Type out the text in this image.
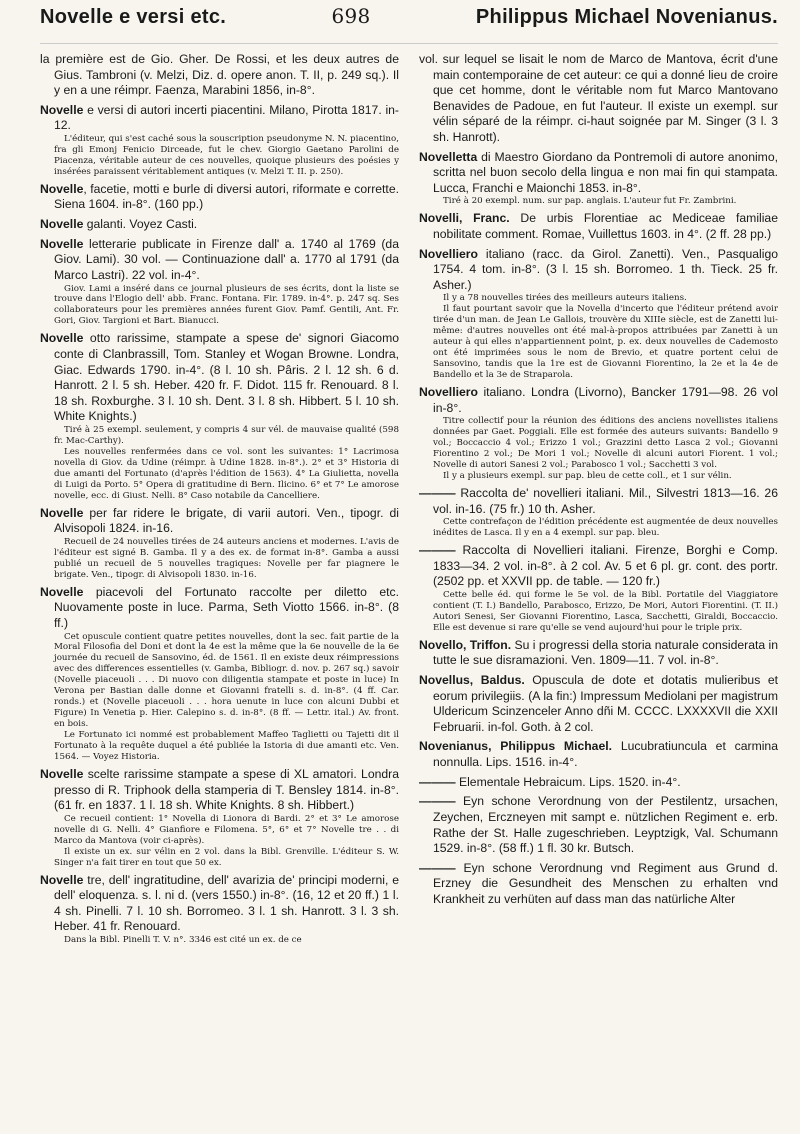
Novelle e versi etc.	698	Philippus Michael Novenianus.

la première est de Gio. Gher. De Rossi, et les deux autres de Gius. Tambroni (v. Melzi, Diz. d. opere anon. T. II, p. 249 sq.). Il y en a une réimpr. Faenza, Marabini 1856, in-8°.

Novelle e versi di autori incerti piacentini. Milano, Pirotta 1817. in-12.

L'éditeur, qui s'est caché sous la souscription pseudonyme N. N. piacentino, fra gli Emonj Fenicio Dirceade, fut le chev. Giorgio Gaetano Parolini de Piacenza, véritable auteur de ces nouvelles, quoique plusieurs des poésies y insérées paraissent véritablement antiques (v. Melzi T. II. p. 250).

Novelle, facetie, motti e burle di diversi autori, riformate e corrette. Siena 1604. in-8°. (160 pp.)

Novelle galanti. Voyez Casti.

Novelle letterarie publicate in Firenze dall' a. 1740 al 1769 (da Giov. Lami). 30 vol. — Continuazione dall' a. 1770 al 1791 (da Marco Lastri). 22 vol. in-4°.

Giov. Lami a inséré dans ce journal plusieurs de ses écrits, dont la liste se trouve dans l'Elogio dell' abb. Franc. Fontana. Fir. 1789. in-4°. p. 247 sq. Ses collaborateurs pour les premières années furent Giov. Pamf. Gentili, Ant. Fr. Gori, Giov. Targioni et Bart. Bianucci.

Novelle otto rarissime, stampate a spese de' signori Giacomo conte di Clanbrassill, Tom. Stanley et Wogan Browne. Londra, Giac. Edwards 1790. in-4°. (8 l. 10 sh. Pâris. 2 l. 12 sh. 6 d. Hanrott. 2 l. 5 sh. Heber. 420 fr. F. Didot. 115 fr. Renouard. 8 l. 18 sh. Roxburghe. 3 l. 10 sh. Dent. 3 l. 8 sh. Hibbert. 5 l. 10 sh. White Knights.)

Tiré à 25 exempl. seulement, y compris 4 sur vél. de mauvaise qualité (598 fr. Mac-Carthy).

Les nouvelles renfermées dans ce vol. sont les suivantes: 1° Lacrimosa novella di Giov. da Udine (réimpr. à Udine 1828. in-8°.). 2° et 3° Historia di due amanti del Fortunato (d'après l'édition de 1563). 4° La Giulietta, novella di Luigi da Porto. 5° Opera di gratitudine di Bern. Ilicino. 6° et 7° Le amorose novelle, ecc. di Giust. Nelli. 8° Caso notabile da Cancelliere.

Novelle per far ridere le brigate, di varii autori. Ven., tipogr. di Alvisopoli 1824. in-16.

Recueil de 24 nouvelles tirées de 24 auteurs anciens et modernes. L'avis de l'éditeur est signé B. Gamba. Il y a des ex. de format in-8°. Gamba a aussi publié un recueil de 5 nouvelles tragiques: Novelle per far piagnere le brigate. Ven., tipogr. di Alvisopoli 1830. in-16.

Novelle piacevoli del Fortunato raccolte per diletto etc. Nuovamente poste in luce. Parma, Seth Viotto 1566. in-8°. (8 ff.)

Cet opuscule contient quatre petites nouvelles, dont la sec. fait partie de la Moral Filosofia del Doni et dont la 4e est la même que la 6e nouvelle de la 6e journée du recueil de Sansovino, éd. de 1561. Il en existe deux réimpressions avec des differences essentielles (v. Gamba, Bibliogr. d. nov. p. 267 sq.) savoir (Novelle piaceuoli . . . Di nuovo con diligentia stampate et poste in luce) In Verona per Bastian dalle donne et Giovanni fratelli s. d. in-8°. (4 ff. Car. ronds.) et (Novelle piaceuoli . . . hora uenute in luce con alcuni Dubbi et Figure) In Venetia p. Hier. Calepino s. d. in-8°. (8 ff. — Lettr. ital.) Av. front. en bois.

Le Fortunato ici nommé est probablement Maffeo Taglietti ou Tajetti dit il Fortunato à la requête duquel a été publiée la Istoria di due amanti etc. Ven. 1564. — Voyez Historia.

Novelle scelte rarissime stampate a spese di XL amatori. Londra presso di R. Triphook della stamperia di T. Bensley 1814. in-8°. (61 fr. en 1837. 1 l. 18 sh. White Knights. 8 sh. Hibbert.)

Ce recueil contient: 1° Novella di Lionora di Bardi. 2° et 3° Le amorose novelle di G. Nelli. 4° Gianfiore e Filomena. 5°, 6° et 7° Novelle tre . . di Marco da Mantova (voir ci-après).

Il existe un ex. sur vélin en 2 vol. dans la Bibl. Grenville. L'éditeur S. W. Singer n'a fait tirer en tout que 50 ex.

Novelle tre, dell' ingratitudine, dell' avarizia de' principi moderni, e dell' eloquenza. s. l. ni d. (vers 1550.) in-8°. (16, 12 et 20 ff.) 1 l. 4 sh. Pinelli. 7 l. 10 sh. Borromeo. 3 l. 1 sh. Hanrott. 3 l. 3 sh. Heber. 41 fr. Renouard.

Dans la Bibl. Pinelli T. V. n°. 3346 est cité un ex. de ce

vol. sur lequel se lisait le nom de Marco de Mantova, écrit d'une main contemporaine de cet auteur: ce qui a donné lieu de croire que cet homme, dont le véritable nom fut Marco Mantovano Benavides de Padoue, en fut l'auteur. Il existe un exempl. sur vélin séparé de la réimpr. ci-haut soignée par M. Singer (3 l. 3 sh. Hanrott).

Novelletta di Maestro Giordano da Pontremoli di autore anonimo, scritta nel buon secolo della lingua e non mai fin qui stampata. Lucca, Franchi e Maionchi 1853. in-8°.

Tiré à 20 exempl. num. sur pap. anglais. L'auteur fut Fr. Zambrini.

Novelli, Franc. De urbis Florentiae ac Mediceae familiae nobilitate comment. Romae, Vuillettus 1603. in 4°. (2 ff. 28 pp.)

Novelliero italiano (racc. da Girol. Zanetti). Ven., Pasqualigo 1754. 4 tom. in-8°. (3 l. 15 sh. Borromeo. 1 th. Tieck. 25 fr. Asher.)

Il y a 78 nouvelles tirées des meilleurs auteurs italiens.

Il faut pourtant savoir que la Novella d'incerto que l'éditeur prétend avoir tirée d'un man. de Jean Le Gallois, trouvère du XIIIe siècle, est de Zanetti lui-même: d'autres nouvelles ont été mal-à-propos attribuées par Zanetti à un auteur à qui elles n'appartiennent point, p. ex. deux nouvelles de Cademosto ont été imprimées sous le nom de Brevio, et quatre portent celui de Sansovino, tandis que la 1re est de Giovanni Fiorentino, la 2e et la 4e de Bandello et la 3e de Straparola.

Novelliero italiano. Londra (Livorno), Bancker 1791—98. 26 vol in-8°.

Titre collectif pour la réunion des éditions des anciens novellistes italiens données par Gaet. Poggiali. Elle est formée des auteurs suivants: Bandello 9 vol.; Boccaccio 4 vol.; Erizzo 1 vol.; Grazzini detto Lasca 2 vol.; Giovanni Fiorentino 2 vol.; De Mori 1 vol.; Novelle di alcuni autori Fiorent. 1 vol.; Novelle di autori Sanesi 2 vol.; Parabosco 1 vol.; Sacchetti 3 vol.

Il y a plusieurs exempl. sur pap. bleu de cette coll., et 1 sur vélin.

——— Raccolta de' novellieri italiani. Mil., Silvestri 1813—16. 26 vol. in-16. (75 fr.) 10 th. Asher.

Cette contrefaçon de l'édition précédente est augmentée de deux nouvelles inédites de Lasca. Il y en a 4 exempl. sur pap. bleu.

——— Raccolta di Novellieri italiani. Firenze, Borghi e Comp. 1833—34. 2 vol. in-8°. à 2 col. Av. 5 et 6 pl. gr. cont. des portr. (2502 pp. et XXVII pp. de table. — 120 fr.)

Cette belle éd. qui forme le 5e vol. de la Bibl. Portatile del Viaggiatore contient (T. I.) Bandello, Parabosco, Erizzo, De Mori, Autori Fiorentini. (T. II.) Autori Senesi, Ser Giovanni Fiorentino, Lasca, Sacchetti, Giraldi, Boccaccio. Elle est devenue si rare qu'elle se vend aujourd'hui pour le triple prix.

Novello, Triffon. Su i progressi della storia naturale considerata in tutte le sue disramazioni. Ven. 1809—11. 7 vol. in-8°.

Novellus, Baldus. Opuscula de dote et dotatis mulieribus et eorum privilegiis. (A la fin:) Impressum Mediolani per magistrum Uldericum Scinzenceler Anno dñi M. CCCC. LXXXXVII die XXII Februarii. in-fol. Goth. à 2 col.

Novenianus, Philippus Michael. Lucubratiuncula et carmina nonnulla. Lips. 1516. in-4°.

——— Elementale Hebraicum. Lips. 1520. in-4°.

——— Eyn schone Verordnung von der Pestilentz, ursachen, Zeychen, Erczneyen mit sampt e. nützlichen Regiment e. erb. Rathe der St. Halle zugeschrieben. Leyptzigk, Val. Schumann 1529. in-8°. (58 ff.) 1 fl. 30 kr. Butsch.

——— Eyn schone Verordnung vnd Regiment aus Grund d. Erzney die Gesundheit des Menschen zu erhalten vnd Krankheit zu verhüten auf dass man das natürliche Alter
